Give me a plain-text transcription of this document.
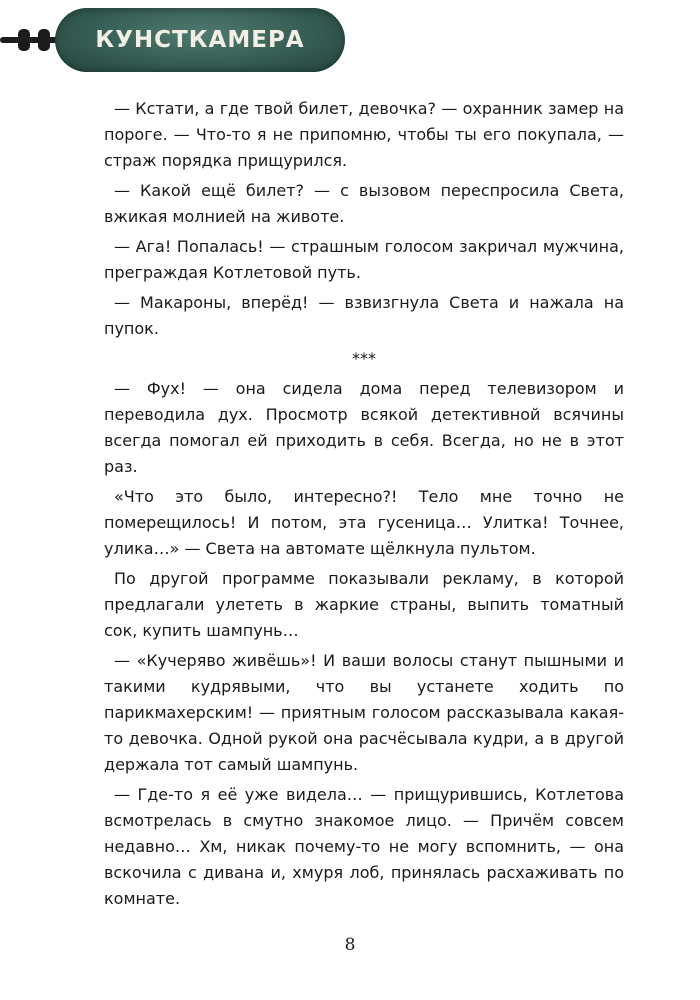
КУНСТКАМЕРА

— Кстати, а где твой билет, девочка? — охранник замер на пороге. — Что-то я не припомню, чтобы ты его покупала, — страж порядка прищурился.

— Какой ещё билет? — с вызовом переспросила Света, вжикая молнией на животе.

— Ага! Попалась! — страшным голосом закричал мужчина, преграждая Котлетовой путь.

— Макароны, вперёд! — взвизгнула Света и нажала на пупок.

***

— Фух! — она сидела дома перед телевизором и переводила дух. Просмотр всякой детективной всячины всегда помогал ей приходить в себя. Всегда, но не в этот раз.

«Что это было, интересно?! Тело мне точно не померещилось! И потом, эта гусеница… Улитка! Точнее, улика…» — Света на автомате щёлкнула пультом.

По другой программе показывали рекламу, в которой предлагали улететь в жаркие страны, выпить томатный сок, купить шампунь…

— «Кучеряво живёшь»! И ваши волосы станут пышными и такими кудрявыми, что вы устанете ходить по парикмахерским! — приятным голосом рассказывала какая-то девочка. Одной рукой она расчёсывала кудри, а в другой держала тот самый шампунь.

— Где-то я её уже видела… — прищурившись, Котлетова всмотрелась в смутно знакомое лицо. — Причём совсем недавно… Хм, никак почему-то не могу вспомнить, — она вскочила с дивана и, хмуря лоб, принялась расхаживать по комнате.

8
